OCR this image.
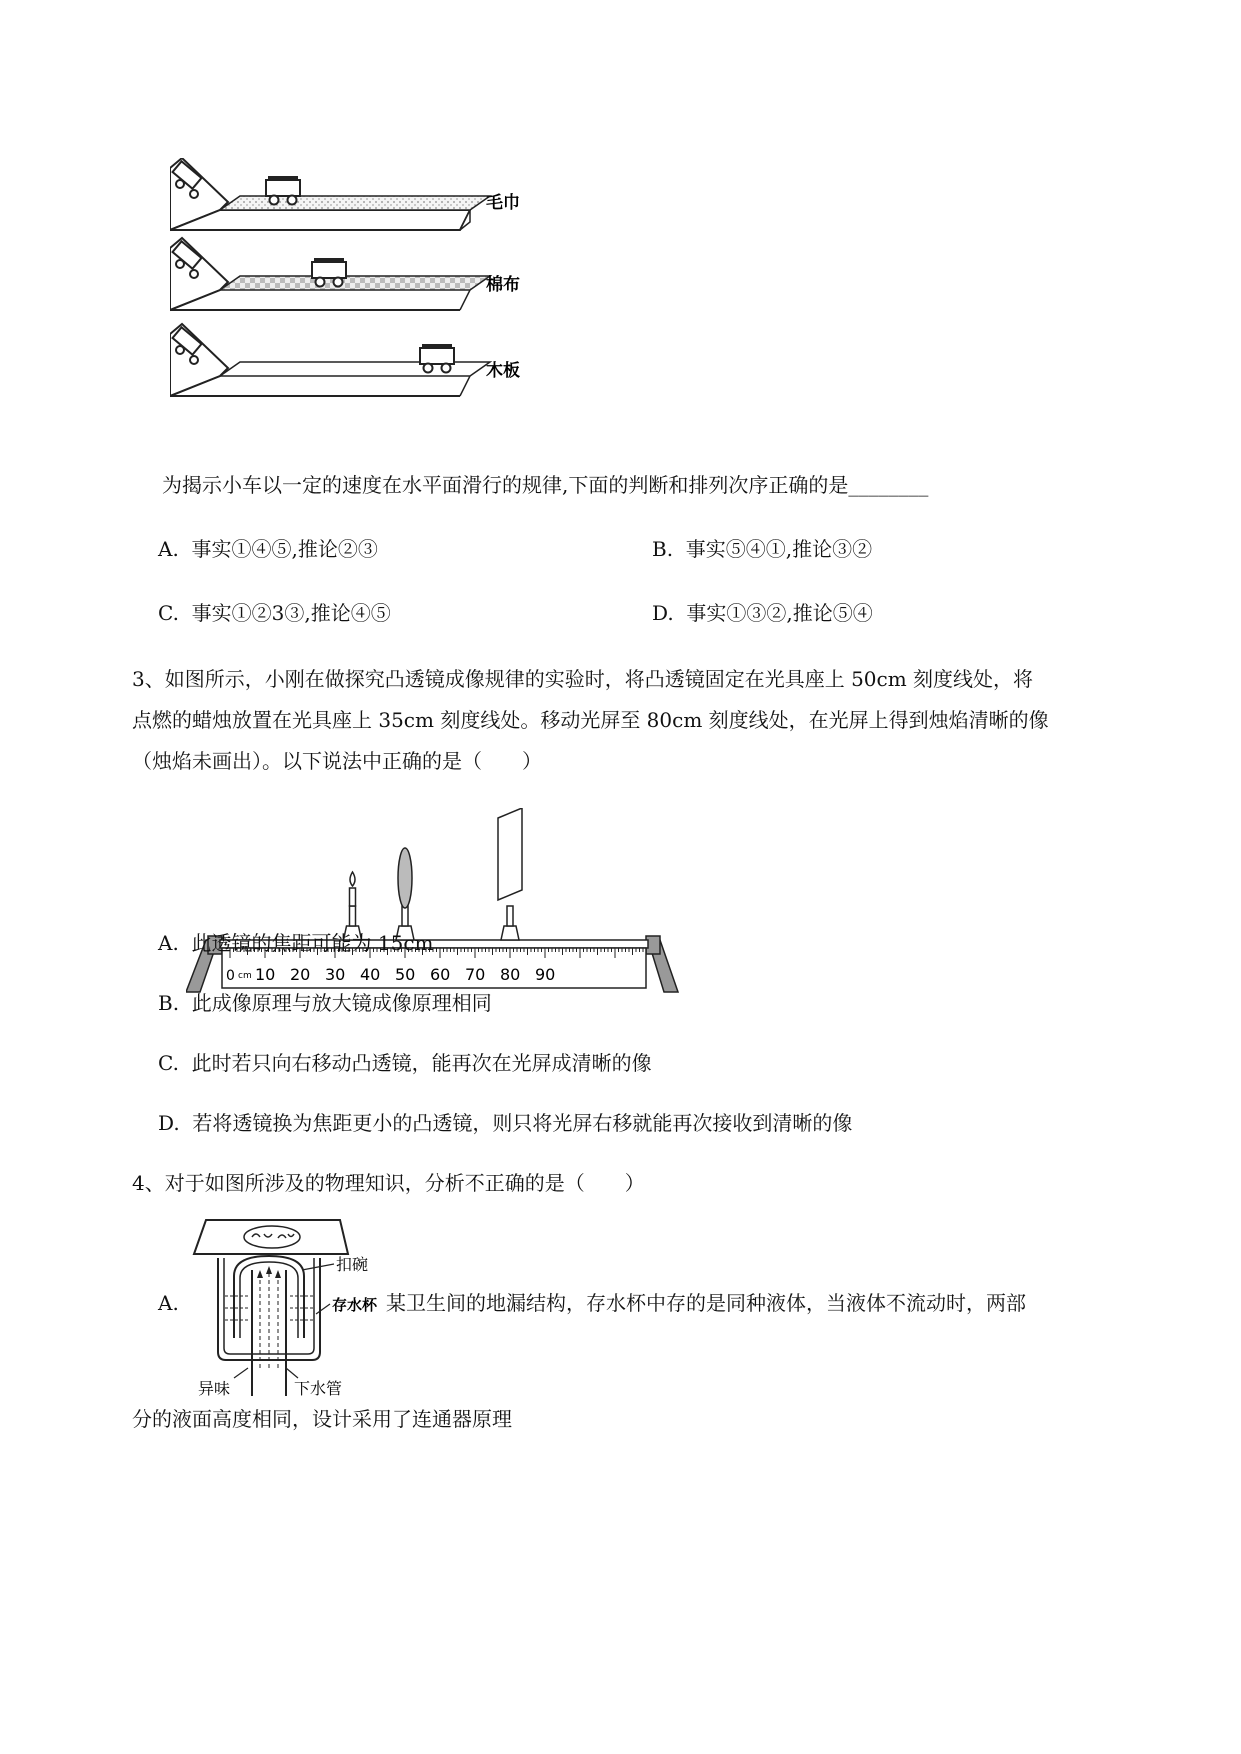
毛巾
棉布
木板
为揭示小车以一定的速度在水平面滑行的规律,下面的判断和排列次序正确的是________
A. 事实①④⑤,推论②③	B. 事实⑤④①,推论③②
C. 事实①②3③,推论④⑤	D. 事实①③②,推论⑤④
3、如图所示，小刚在做探究凸透镜成像规律的实验时，将凸透镜固定在光具座上 50cm 刻度线处，将
点燃的蜡烛放置在光具座上 35cm 刻度线处。移动光屏至 80cm 刻度线处，在光屏上得到烛焰清晰的像
（烛焰未画出）。以下说法中正确的是（　　）
0 cm 10 20 30 40 50 60 70 80 90
A. 此透镜的焦距可能为 15cm
B. 此成像原理与放大镜成像原理相同
C. 此时若只向右移动凸透镜，能再次在光屏成清晰的像
D. 若将透镜换为焦距更小的凸透镜，则只将光屏右移就能再次接收到清晰的像
4、对于如图所涉及的物理知识，分析不正确的是（　　）
A.
扣碗
存水杯
异味	下水管
某卫生间的地漏结构，存水杯中存的是同种液体，当液体不流动时，两部
分的液面高度相同，设计采用了连通器原理
